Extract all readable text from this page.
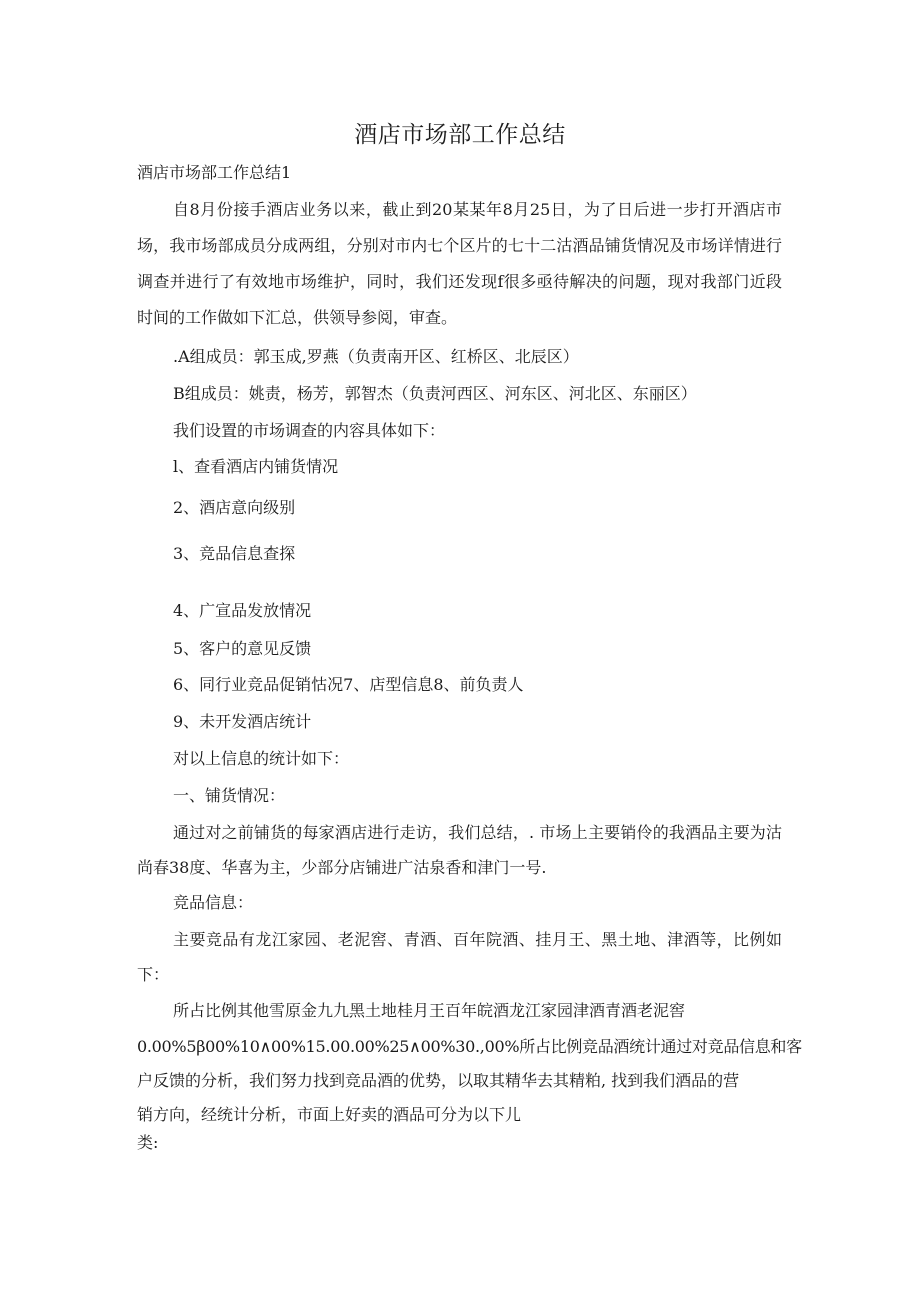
酒店市场部工作总结
酒店市场部工作总结1
自8月份接手酒店业务以来，截止到20某某年8月25日，为了日后进一步打开酒店市场，我市场部成员分成两组，分别对市内七个区片的七十二沽酒品铺货情况及市场详情进行调查并进行了有效地市场维护，同时，我们还发现f很多亟待解决的问题，现对我部门近段时间的工作做如下汇总，供领导参阅，审查。
.A组成员：郭玉成,罗燕（负责南开区、红桥区、北辰区）
B组成员：姚责，杨芳，郭智杰（负责河西区、河东区、河北区、东丽区）
我们设置的市场调查的内容具体如下：
l、查看酒店内铺货情况
2、酒店意向级别
3、竞品信息查探
4、广宣品发放情况
5、客户的意见反馈
6、同行业竞品促销怙况7、店型信息8、前负责人
9、未开发酒店统计
对以上信息的统计如下：
一、铺货情况：
通过对之前铺货的每家酒店进行走访，我们总结，. 市场上主要销伶的我酒品主要为沽尚春38度、华喜为主，少部分店铺进广沽泉香和津门一号.
竞品信息：
主要竞品有龙江家园、老泥窖、青酒、百年院酒、挂月王、黑土地、津酒等，比例如下：
所占比例其他雪原金九九黑土地桂月王百年皖酒龙江家园津酒青酒老泥窖
0.00%5β00%10∧00%15.00.00%25∧00%30.,00%所占比例竞品酒统计通过对竞品信息和客
户反馈的分析，我们努力找到竞品酒的优势，以取其精华去其精粕, 找到我们酒品的营
销方向，经统计分析，市面上好卖的酒品可分为以下儿
类:
